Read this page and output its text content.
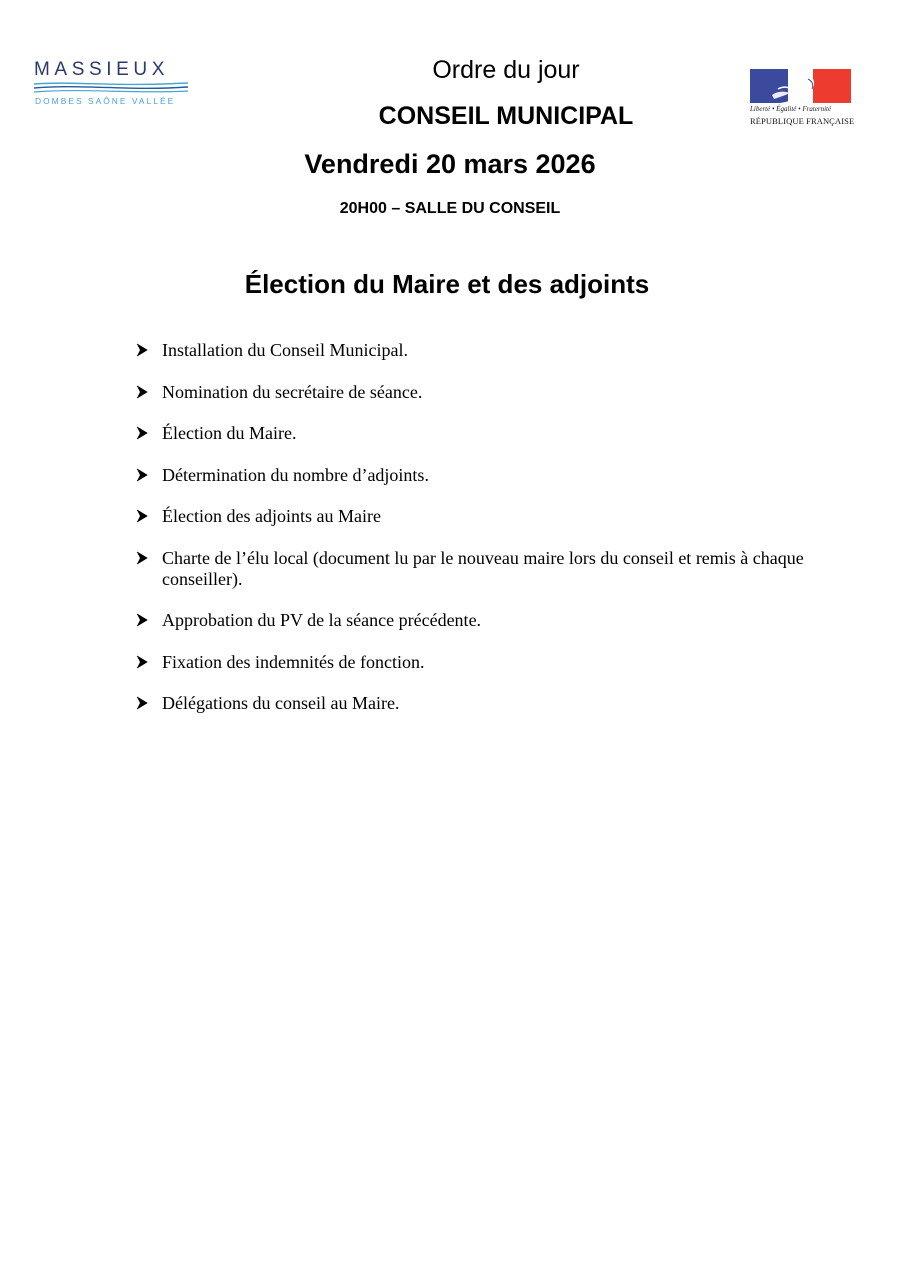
MASSIEUX
DOMBES SAÔNE VALLÉE
Liberté • Égalité • Fraternité
RÉPUBLIQUE FRANÇAISE
Ordre du jour
CONSEIL MUNICIPAL
Vendredi 20 mars 2026
20H00 – SALLE DU CONSEIL
Élection du Maire et des adjoints
Installation du Conseil Municipal.
Nomination du secrétaire de séance.
Élection du Maire.
Détermination du nombre d’adjoints.
Élection des adjoints au Maire
Charte de l’élu local (document lu par le nouveau maire lors du conseil et remis à chaque conseiller).
Approbation du PV de la séance précédente.
Fixation des indemnités de fonction.
Délégations du conseil au Maire.
